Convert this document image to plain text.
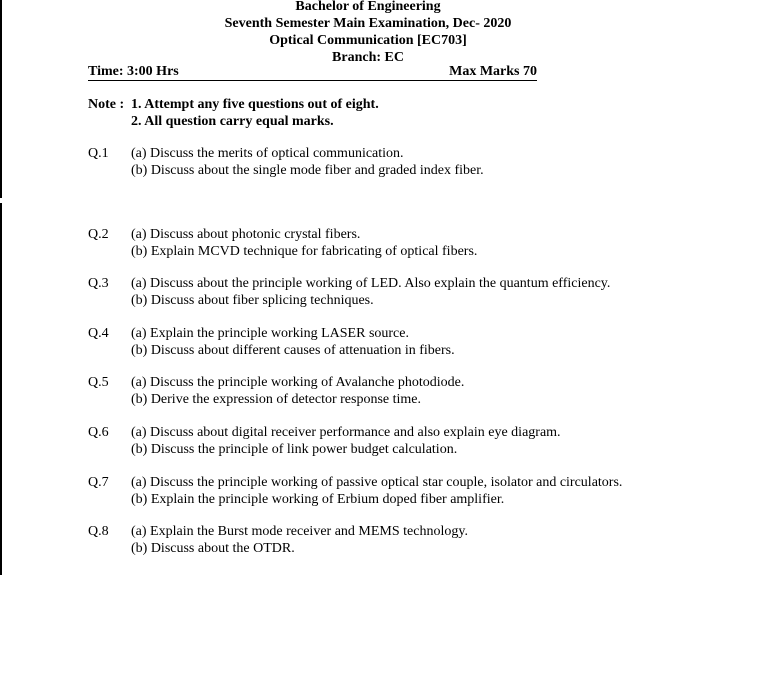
Bachelor of Engineering
Seventh Semester Main Examination, Dec- 2020
Optical Communication [EC703]
Branch: EC
Time: 3:00 Hrs	Max Marks 70
Note : 1. Attempt any five questions out of eight.
2. All question carry equal marks.
Q.1 (a) Discuss the merits of optical communication.
(b) Discuss about the single mode fiber and graded index fiber.
Q.2 (a) Discuss about photonic crystal fibers.
(b) Explain MCVD technique for fabricating of optical fibers.
Q.3 (a) Discuss about the principle working of LED. Also explain the quantum efficiency.
(b) Discuss about fiber splicing techniques.
Q.4 (a) Explain the principle working LASER source.
(b) Discuss about different causes of attenuation in fibers.
Q.5 (a) Discuss the principle working of Avalanche photodiode.
(b) Derive the expression of detector response time.
Q.6 (a) Discuss about digital receiver performance and also explain eye diagram.
(b) Discuss the principle of link power budget calculation.
Q.7 (a) Discuss the principle working of passive optical star couple, isolator and circulators.
(b) Explain the principle working of Erbium doped fiber amplifier.
Q.8 (a) Explain the Burst mode receiver and MEMS technology.
(b) Discuss about the OTDR.
